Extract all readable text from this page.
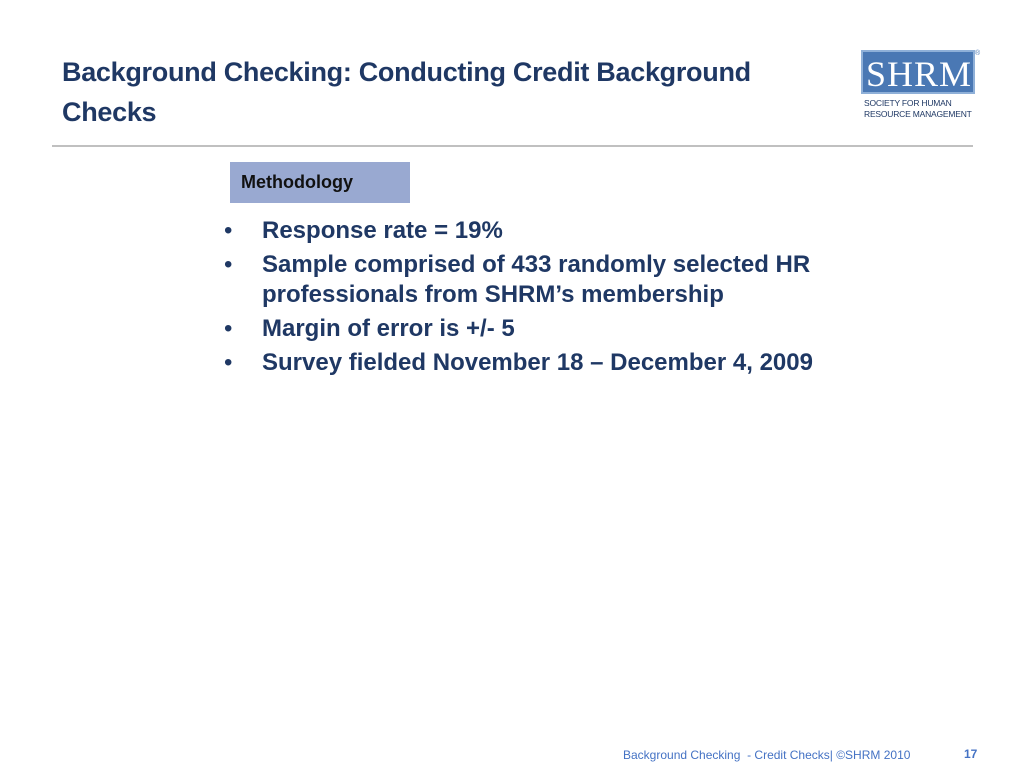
Background Checking: Conducting Credit Background
Checks
SHRM
®
SOCIETY FOR HUMAN
RESOURCE MANAGEMENT
Methodology
• Response rate = 19%
• Sample comprised of 433 randomly selected HR professionals from SHRM’s membership
• Margin of error is +/- 5
• Survey fielded November 18 – December 4, 2009
Background Checking  - Credit Checks| ©SHRM 2010	17
